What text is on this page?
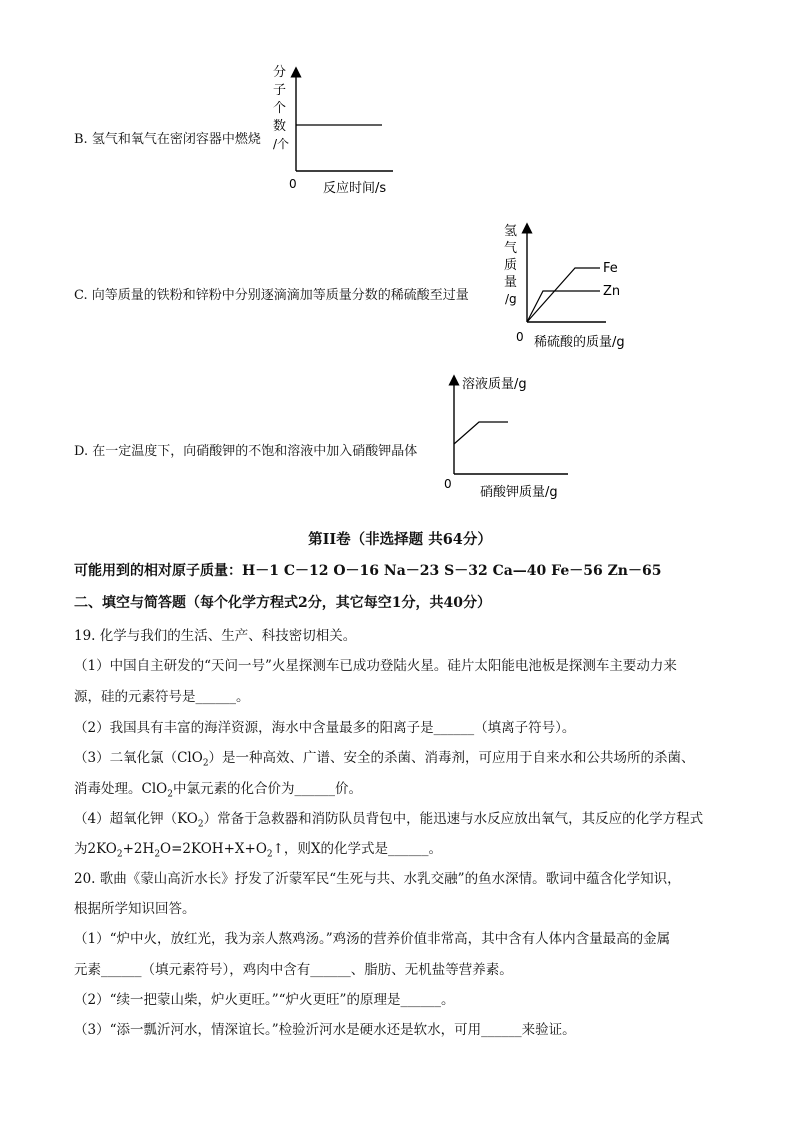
B. 氢气和氧气在密闭容器中燃烧
分
子
个
数
/个
0 反应时间/s
C. 向等质量的铁粉和锌粉中分别逐滴滴加等质量分数的稀硫酸至过量
Fe
Zn
氢
气
质
量
/g
0 稀硫酸的质量/g
D. 在一定温度下，向硝酸钾的不饱和溶液中加入硝酸钾晶体
溶液质量/g
0
硝酸钾质量/g
第II卷（非选择题 共64分）
可能用到的相对原子质量：H－1 C－12 O－16 Na－23 S－32 Ca—40 Fe－56 Zn－65
二、填空与简答题（每个化学方程式2分，其它每空1分，共40分）
19. 化学与我们的生活、生产、科技密切相关。
（1）中国自主研发的“天问一号”火星探测车已成功登陆火星。硅片太阳能电池板是探测车主要动力来
源，硅的元素符号是______。
（2）我国具有丰富的海洋资源，海水中含量最多的阳离子是______（填离子符号）。
（3）二氧化氯（ClO$_2$）是一种高效、广谱、安全的杀菌、消毒剂，可应用于自来水和公共场所的杀菌、
消毒处理。ClO$_2$中氯元素的化合价为______价。
（4）超氧化钾$(KO_2)$常备于急救器和消防队员背包中，能迅速与水反应放出氧气，其反应的化学方程式
为$2KO_2+2H_2O=2KOH+X+O_2↑$，则X的化学式是______。
20. 歌曲《蒙山高沂水长》抒发了沂蒙军民“生死与共、水乳交融”的鱼水深情。歌词中蕴含化学知识，
根据所学知识回答。
（1）“炉中火，放红光，我为亲人熬鸡汤。”鸡汤的营养价值非常高，其中含有人体内含量最高的金属
元素______（填元素符号），鸡肉中含有______、脂肪、无机盐等营养素。
（2）“续一把蒙山柴，炉火更旺。”“炉火更旺”的原理是______。
（3）“添一瓢沂河水，情深谊长。”检验沂河水是硬水还是软水，可用______来验证。
